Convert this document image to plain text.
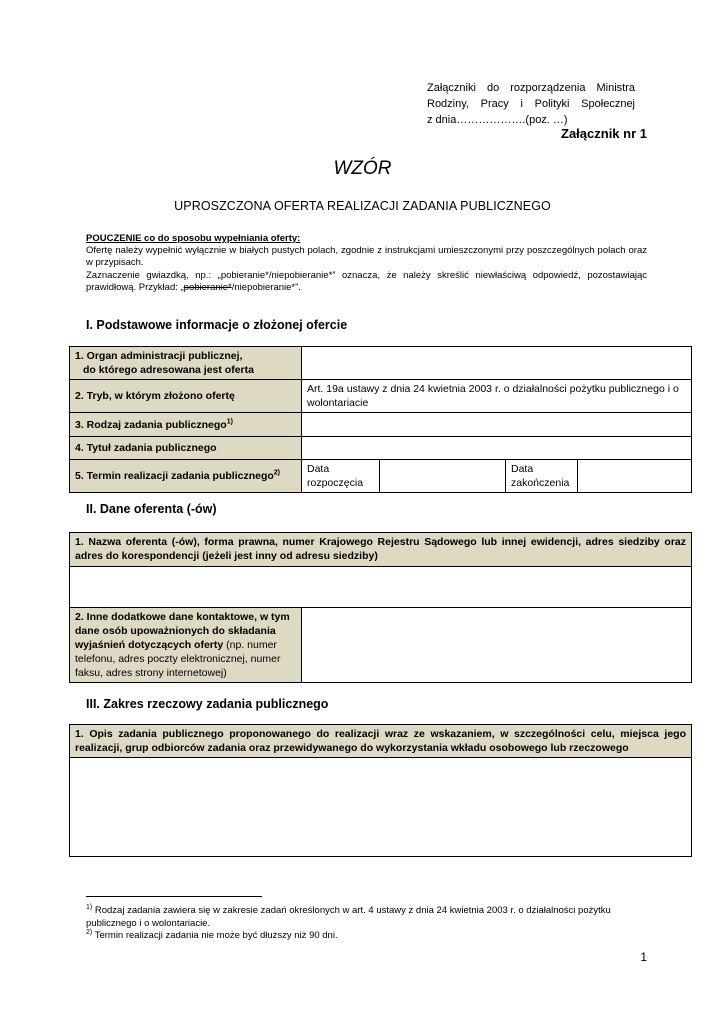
Załączniki do rozporządzenia Ministra
Rodziny, Pracy i Polityki Społecznej
z dnia……………….(poz. …)
Załącznik nr 1
WZÓR
UPROSZCZONA OFERTA REALIZACJI ZADANIA PUBLICZNEGO
POUCZENIE co do sposobu wypełniania oferty:
Ofertę należy wypełnić wyłącznie w białych pustych polach, zgodnie z instrukcjami umieszczonymi przy poszczególnych polach oraz w przypisach.
Zaznaczenie gwiazdką, np.: „pobieranie*/niepobieranie*” oznacza, że należy skreślić niewłaściwą odpowiedź, pozostawiając prawidłową. Przykład: „pobieranie*/niepobieranie*”.
I. Podstawowe informacje o złożonej ofercie
1. Organ administracji publicznej,
do którego adresowana jest oferta				

2. Tryb, w którym złożono ofertę	Art. 19a ustawy z dnia 24 kwietnia 2003 r. o działalności pożytku publicznego i o wolontariacie			
3. Rodzaj zadania publicznego$^{1)}$	
4. Tytuł zadania publicznego				
5. Termin realizacji zadania publicznego$^{2)}$	Data rozpoczęcia		Data zakończenia	
II. Dane oferenta (-ów)
1. Nazwa oferenta (-ów), forma prawna, numer Krajowego Rejestru Sądowego lub innej ewidencji, adres siedziby oraz adres do korespondencji (jeżeli jest inny od adresu siedziby)

2. Inne dodatkowe dane kontaktowe, w tym dane osób upoważnionych do składania wyjaśnień dotyczących oferty (np. numer telefonu, adres poczty elektronicznej, numer faksu, adres strony internetowej)	
III. Zakres rzeczowy zadania publicznego
1. Opis zadania publicznego proponowanego do realizacji wraz ze wskazaniem, w szczególności celu, miejsca jego realizacji, grup odbiorców zadania oraz przewidywanego do wykorzystania wkładu osobowego lub rzeczowego

$^{1)}$ Rodzaj zadania zawiera się w zakresie zadań określonych w art. 4 ustawy z dnia 24 kwietnia 2003 r. o działalności pożytku publicznego i o wolontariacie.

$^{2)}$ Termin realizacji zadania nie może być dłuższy niż 90 dni.

1
